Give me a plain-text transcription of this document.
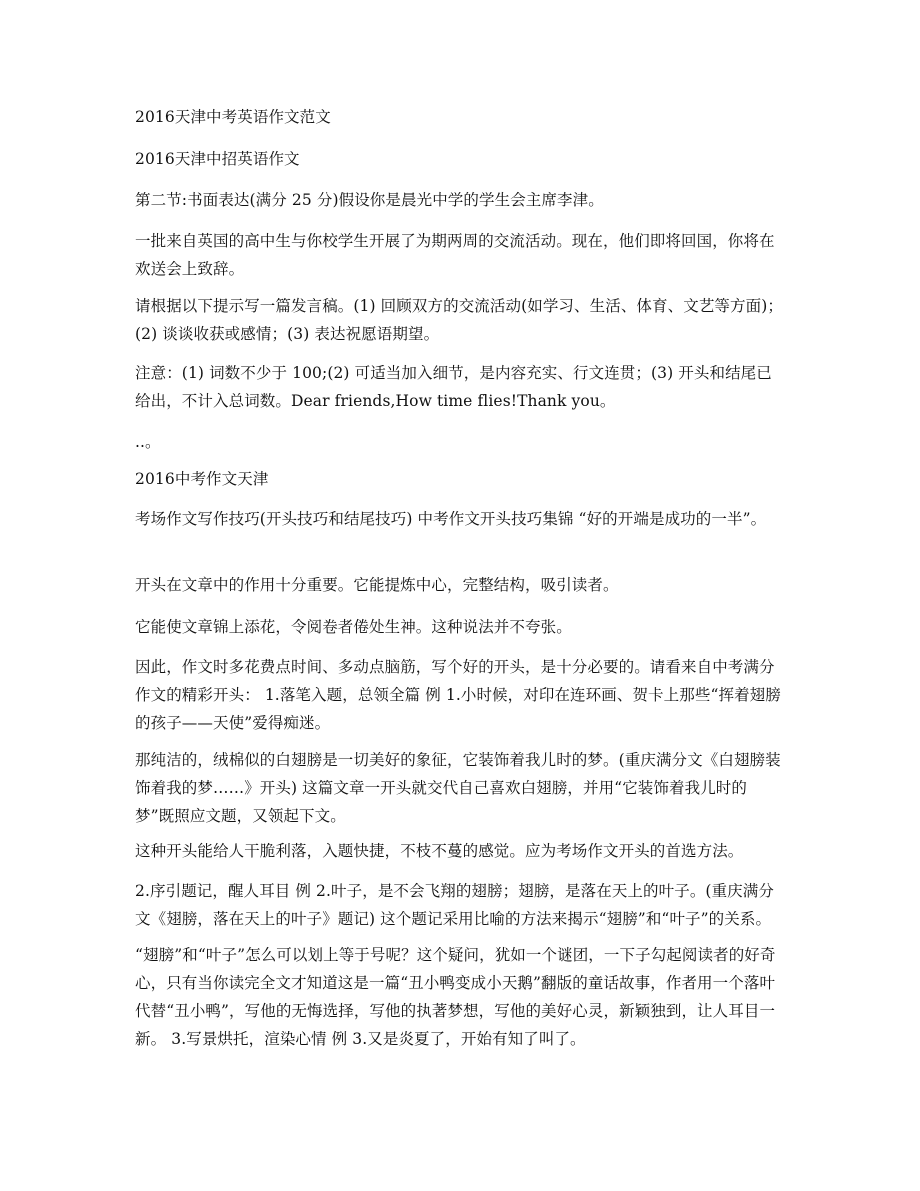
2016天津中考英语作文范文

2016天津中招英语作文

第二节:书面表达(满分 25 分)假设你是晨光中学的学生会主席李津。

一批来自英国的高中生与你校学生开展了为期两周的交流活动。现在，他们即将回国，你将在欢送会上致辞。

请根据以下提示写一篇发言稿。(1) 回顾双方的交流活动(如学习、生活、体育、文艺等方面)；(2) 谈谈收获或感情；(3) 表达祝愿语期望。

注意：(1) 词数不少于 100;(2) 可适当加入细节，是内容充实、行文连贯；(3) 开头和结尾已给出，不计入总词数。Dear friends,How time flies!Thank you。

..。

2016中考作文天津

考场作文写作技巧(开头技巧和结尾技巧) 中考作文开头技巧集锦 “好的开端是成功的一半”。

开头在文章中的作用十分重要。它能提炼中心，完整结构，吸引读者。

它能使文章锦上添花，令阅卷者倦处生神。这种说法并不夸张。

因此，作文时多花费点时间、多动点脑筋，写个好的开头，是十分必要的。请看来自中考满分作文的精彩开头： 1.落笔入题，总领全篇 例 1.小时候，对印在连环画、贺卡上那些“挥着翅膀的孩子——天使”爱得痴迷。

那纯洁的，绒棉似的白翅膀是一切美好的象征，它装饰着我儿时的梦。(重庆满分文《白翅膀装饰着我的梦……》开头) 这篇文章一开头就交代自己喜欢白翅膀，并用“它装饰着我儿时的梦”既照应文题，又领起下文。

这种开头能给人干脆利落，入题快捷，不枝不蔓的感觉。应为考场作文开头的首选方法。

2.序引题记，醒人耳目 例 2.叶子，是不会飞翔的翅膀；翅膀，是落在天上的叶子。(重庆满分文《翅膀，落在天上的叶子》题记) 这个题记采用比喻的方法来揭示“翅膀”和“叶子”的关系。

“翅膀”和“叶子”怎么可以划上等于号呢？这个疑问，犹如一个谜团，一下子勾起阅读者的好奇心，只有当你读完全文才知道这是一篇“丑小鸭变成小天鹅”翻版的童话故事，作者用一个落叶代替“丑小鸭”，写他的无悔选择，写他的执著梦想，写他的美好心灵，新颖独到，让人耳目一新。 3.写景烘托，渲染心情 例 3.又是炎夏了，开始有知了叫了。
